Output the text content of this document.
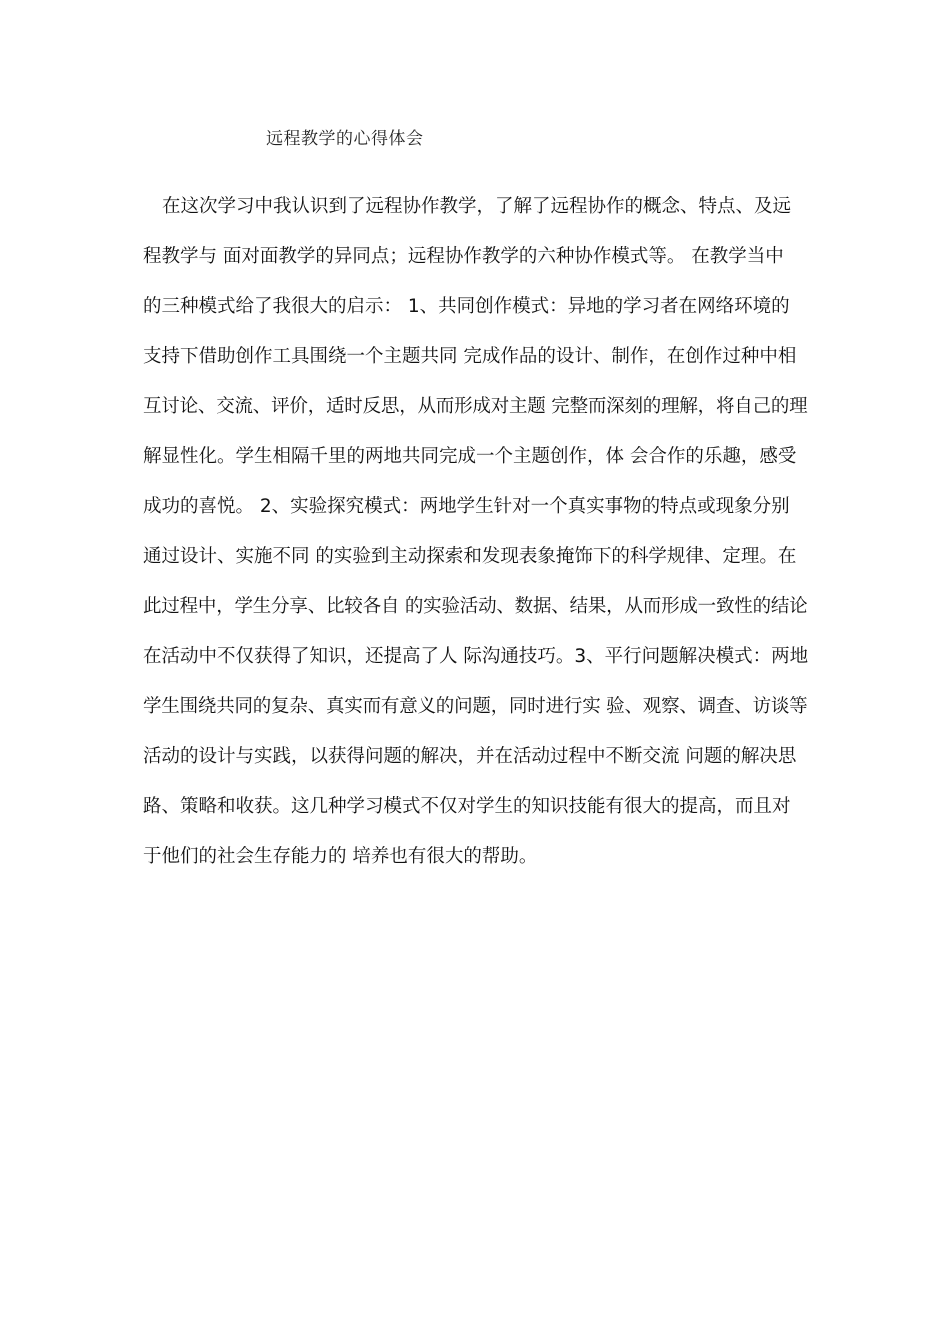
远程教学的心得体会
在这次学习中我认识到了远程协作教学，了解了远程协作的概念、特点、及远
程教学与 面对面教学的异同点；远程协作教学的六种协作模式等。 在教学当中
的三种模式给了我很大的启示： 1、共同创作模式：异地的学习者在网络环境的
支持下借助创作工具围绕一个主题共同 完成作品的设计、制作，在创作过种中相
互讨论、交流、评价，适时反思，从而形成对主题 完整而深刻的理解，将自己的理
解显性化。学生相隔千里的两地共同完成一个主题创作，体 会合作的乐趣，感受
成功的喜悦。 2、实验探究模式：两地学生针对一个真实事物的特点或现象分别
通过设计、实施不同 的实验到主动探索和发现表象掩饰下的科学规律、定理。在
此过程中，学生分享、比较各自 的实验活动、数据、结果，从而形成一致性的结论
在活动中不仅获得了知识，还提高了人 际沟通技巧。3、平行问题解决模式：两地
学生围绕共同的复杂、真实而有意义的问题，同时进行实 验、观察、调查、访谈等
活动的设计与实践，以获得问题的解决，并在活动过程中不断交流 问题的解决思
路、策略和收获。这几种学习模式不仅对学生的知识技能有很大的提高，而且对
于他们的社会生存能力的 培养也有很大的帮助。
